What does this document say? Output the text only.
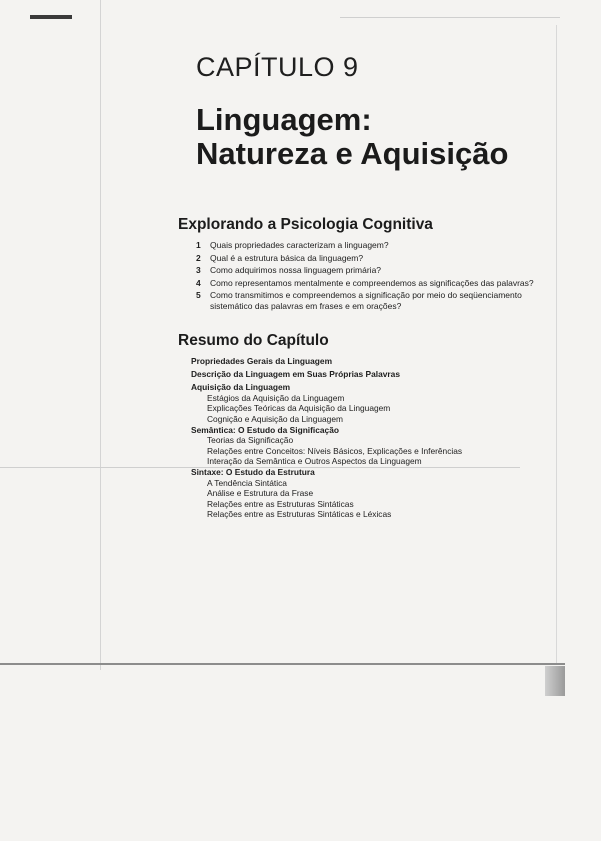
CAPÍTULO 9
Linguagem:
Natureza e Aquisição
Explorando a Psicologia Cognitiva
1 Quais propriedades caracterizam a linguagem?
2 Qual é a estrutura básica da linguagem?
3 Como adquirimos nossa linguagem primária?
4 Como representamos mentalmente e compreendemos as significações das palavras?
5 Como transmitimos e compreendemos a significação por meio do seqüenciamento sistemático das palavras em frases e em orações?
Resumo do Capítulo
Propriedades Gerais da Linguagem
Descrição da Linguagem em Suas Próprias Palavras
Aquisição da Linguagem
Estágios da Aquisição da Linguagem
Explicações Teóricas da Aquisição da Linguagem
Cognição e Aquisição da Linguagem
Semântica: O Estudo da Significação
Teorias da Significação
Relações entre Conceitos: Níveis Básicos, Explicações e Inferências
Interação da Semântica e Outros Aspectos da Linguagem
Sintaxe: O Estudo da Estrutura
A Tendência Sintática
Análise e Estrutura da Frase
Relações entre as Estruturas Sintáticas
Relações entre as Estruturas Sintáticas e Léxicas
